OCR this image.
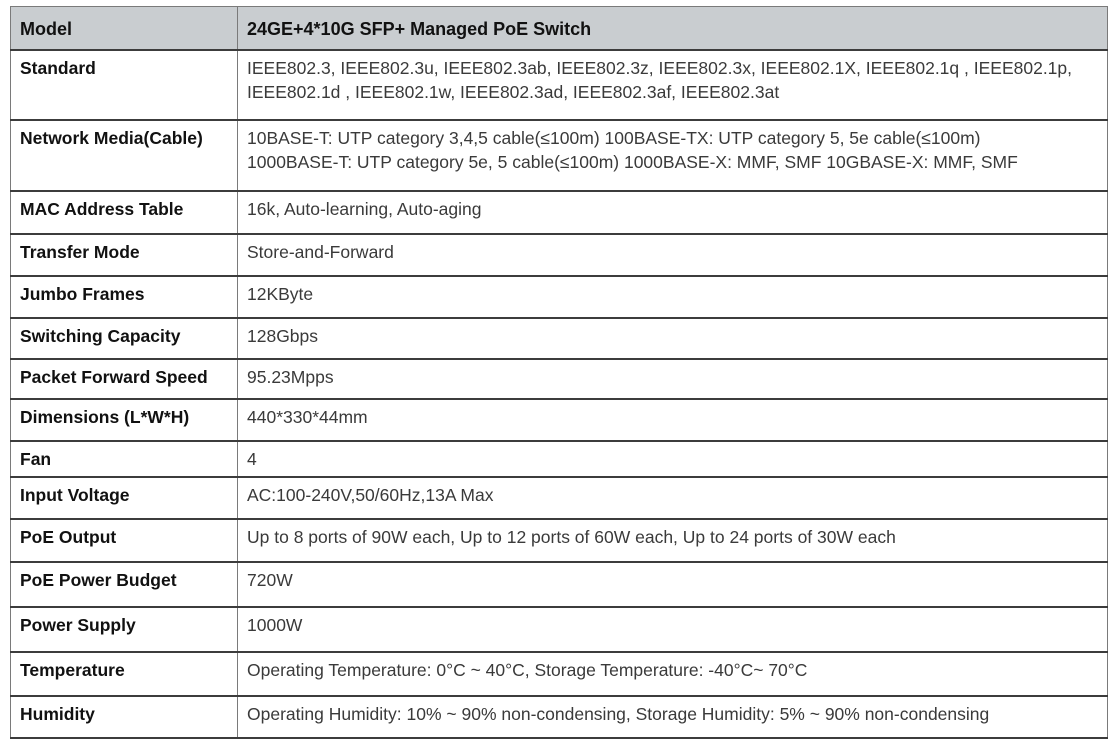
Model	24GE+4*10G SFP+ Managed PoE Switch
Standard	IEEE802.3, IEEE802.3u, IEEE802.3ab, IEEE802.3z, IEEE802.3x, IEEE802.1X, IEEE802.1q , IEEE802.1p,
IEEE802.1d , IEEE802.1w, IEEE802.3ad, IEEE802.3af, IEEE802.3at

Network Media(Cable)	10BASE-T: UTP category 3,4,5 cable(≤100m) 100BASE-TX: UTP category 5, 5e cable(≤100m)
1000BASE-T: UTP category 5e, 5 cable(≤100m) 1000BASE-X: MMF, SMF 10GBASE-X: MMF, SMF

MAC Address Table	16k, Auto-learning, Auto-aging
Transfer Mode	Store-and-Forward
Jumbo Frames	12KByte
Switching Capacity	128Gbps
Packet Forward Speed	95.23Mpps
Dimensions (L*W*H)	440*330*44mm
Fan	4
Input Voltage	AC:100-240V,50/60Hz,13A Max
PoE Output	Up to 8 ports of 90W each, Up to 12 ports of 60W each, Up to 24 ports of 30W each
PoE Power Budget	720W
Power Supply	1000W
Temperature	Operating Temperature: 0°C ~ 40°C, Storage Temperature: -40°C~ 70°C
Humidity	Operating Humidity: 10% ~ 90% non-condensing, Storage Humidity: 5% ~ 90% non-condensing
